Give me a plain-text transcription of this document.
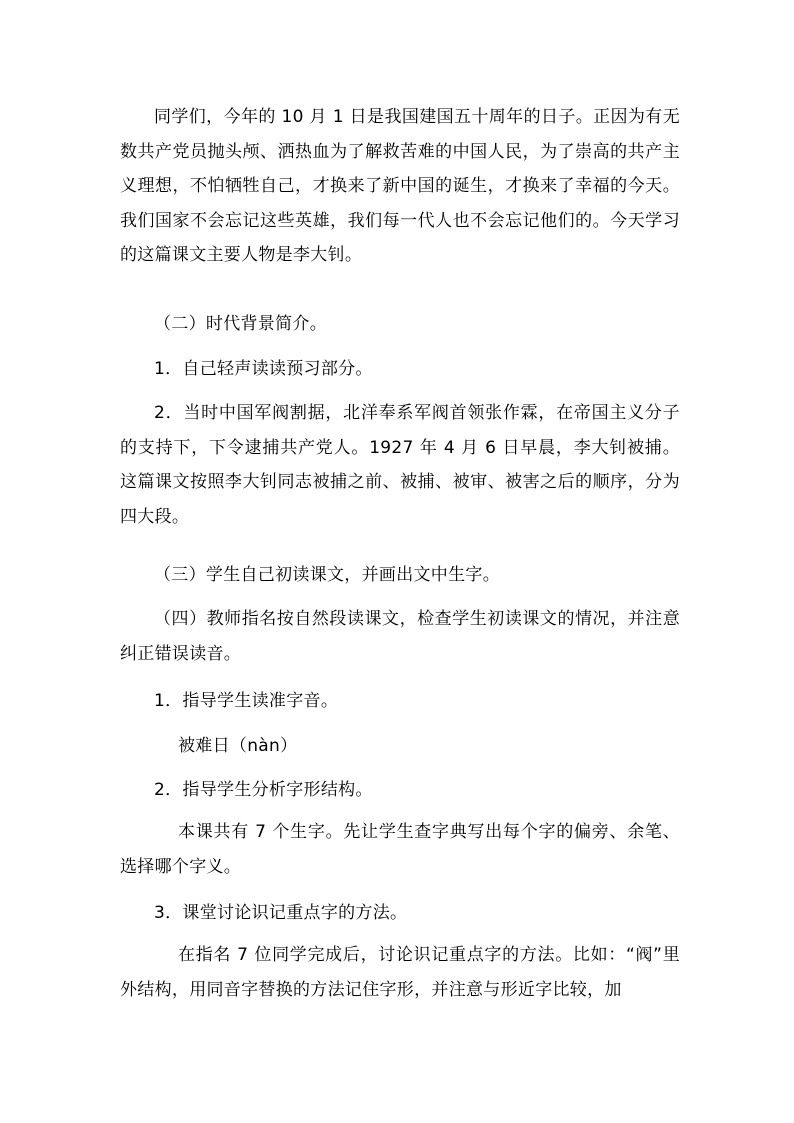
同学们，今年的 10 月 1 日是我国建国五十周年的日子。正因为有无数共产党员抛头颅、洒热血为了解救苦难的中国人民，为了崇高的共产主义理想，不怕牺牲自己，才换来了新中国的诞生，才换来了幸福的今天。我们国家不会忘记这些英雄，我们每一代人也不会忘记他们的。今天学习的这篇课文主要人物是李大钊。

（二）时代背景简介。

1．自己轻声读读预习部分。

2．当时中国军阀割据，北洋奉系军阀首领张作霖，在帝国主义分子的支持下，下令逮捕共产党人。1927 年 4 月 6 日早晨，李大钊被捕。这篇课文按照李大钊同志被捕之前、被捕、被审、被害之后的顺序，分为四大段。

（三）学生自己初读课文，并画出文中生字。

（四）教师指名按自然段读课文，检查学生初读课文的情况，并注意纠正错误读音。

1．指导学生读准字音。

被难日（nàn）

2．指导学生分析字形结构。

本课共有 7 个生字。先让学生查字典写出每个字的偏旁、余笔、选择哪个字义。

3．课堂讨论识记重点字的方法。

在指名 7 位同学完成后，讨论识记重点字的方法。比如：“阀”里外结构，用同音字替换的方法记住字形，并注意与形近字比较，加
